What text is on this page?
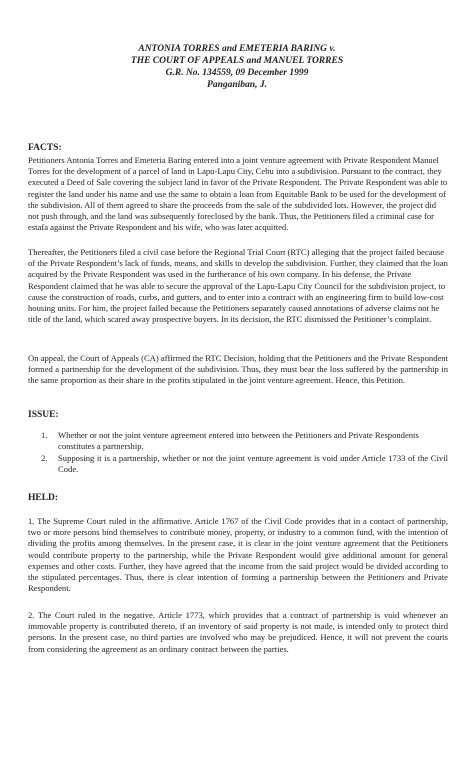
ANTONIA TORRES and EMETERIA BARING v.
THE COURT OF APPEALS and MANUEL TORRES
G.R. No. 134559, 09 December 1999
Panganiban, J.
FACTS:
Petitioners Antonia Torres and Emeteria Baring entered into a joint venture agreement with Private Respondent Manuel Torres for the development of a parcel of land in Lapu-Lapu City, Cebu into a subdivision. Pursuant to the contract, they executed a Deed of Sale covering the subject land in favor of the Private Respondent. The Private Respondent was able to register the land under his name and use the same to obtain a loan from Equitable Bank to be used for the development of the subdivision. All of them agreed to share the proceeds from the sale of the subdivided lots. However, the project did not push through, and the land was subsequently foreclosed by the bank. Thus, the Petitioners filed a criminal case for estafa against the Private Respondent and his wife, who was later acquitted.
Thereafter, the Petitioners filed a civil case before the Regional Trial Court (RTC) alleging that the project failed because of the Private Respondent’s lack of funds, means, and skills to develop the subdivision. Further, they claimed that the loan acquired by the Private Respondent was used in the furtherance of his own company. In his defense, the Private Respondent claimed that he was able to secure the approval of the Lapu-Lapu City Council for the subdivision project, to cause the construction of roads, curbs, and gutters, and to enter into a contract with an engineering firm to build low-cost housing units. For him, the project failed because the Petitioners separately caused annotations of adverse claims not he title of the land, which scared away prospective buyers. In its decision, the RTC dismissed the Petitioner’s complaint.
On appeal, the Court of Appeals (CA) affirmed the RTC Decision, holding that the Petitioners and the Private Respondent formed a partnership for the development of the subdivision. Thus, they must bear the loss suffered by the partnership in the same proportion as their share in the profits stipulated in the joint venture agreement. Hence, this Petition.
ISSUE:
1. Whether or not the joint venture agreement entered into between the Petitioners and Private Respondents constitutes a partnership.
2. Supposing it is a partnership, whether or not the joint venture agreement is void under Article 1733 of the Civil Code.
HELD:
1. The Supreme Court ruled in the affirmative. Article 1767 of the Civil Code provides that in a contact of partnership, two or more persons bind themselves to contribute money, property, or industry to a common fund, with the intention of dividing the profits among themselves. In the present case, it is clear in the joint venture agreement that the Petitioners would contribute property to the partnership, while the Private Respondent would give additional amount for general expenses and other costs. Further, they have agreed that the income from the said project would be divided according to the stipulated percentages. Thus, there is clear intention of forming a partnership between the Petitioners and Private Respondent.
2. The Court ruled in the negative. Article 1773, which provides that a contract of partnership is void whenever an immovable property is contributed thereto, if an inventory of said property is not made, is intended only to protect third persons. In the present case, no third parties are involved who may be prejudiced. Hence, it will not prevent the courts from considering the agreement as an ordinary contract between the parties.
